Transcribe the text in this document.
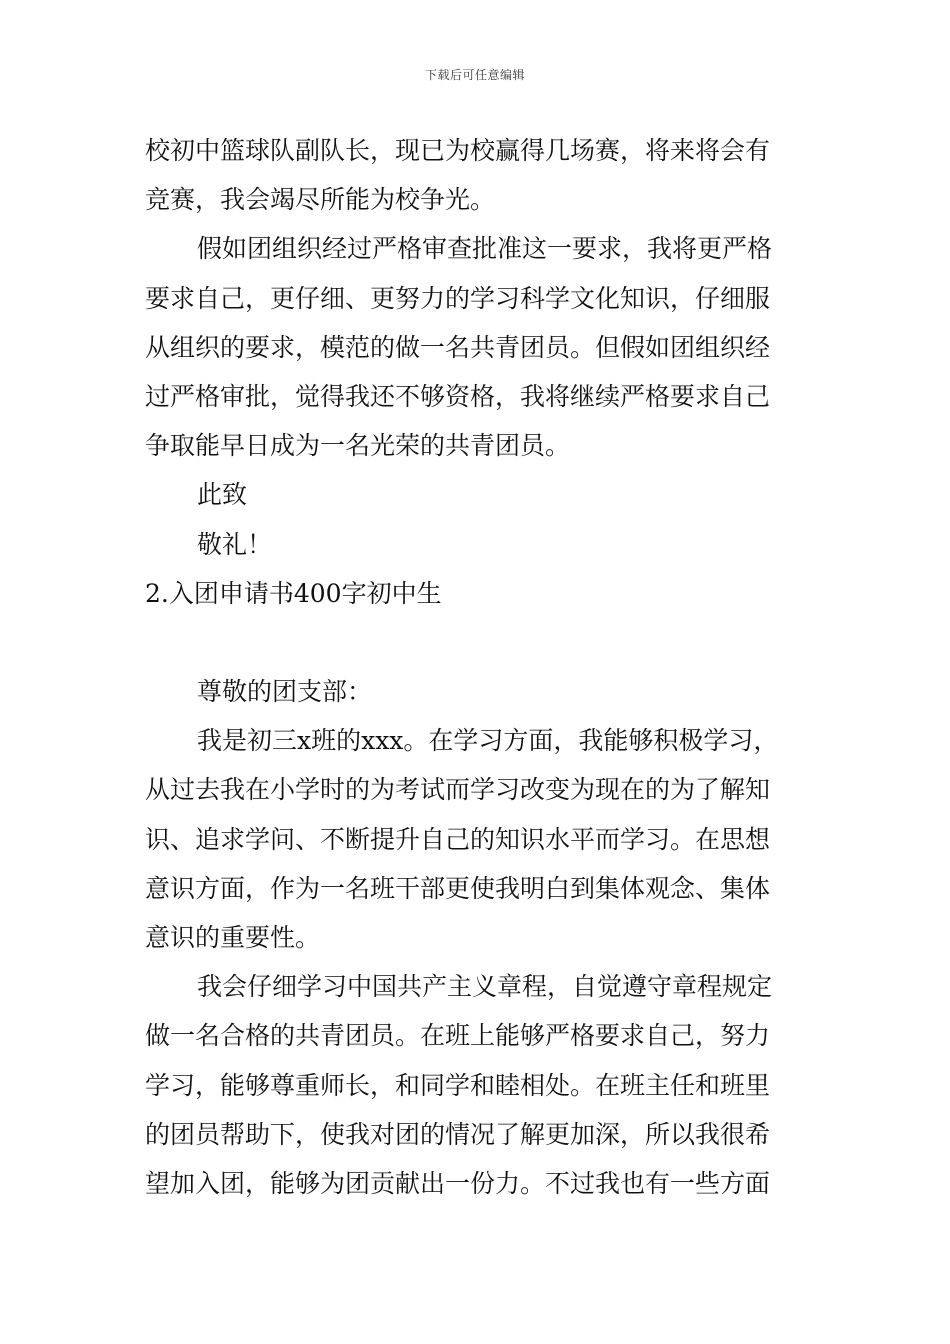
下载后可任意编辑
校初中篮球队副队长，现已为校赢得几场赛，将来将会有
竞赛，我会竭尽所能为校争光。
假如团组织经过严格审查批准这一要求，我将更严格
要求自己，更仔细、更努力的学习科学文化知识，仔细服
从组织的要求，模范的做一名共青团员。但假如团组织经
过严格审批，觉得我还不够资格，我将继续严格要求自己
争取能早日成为一名光荣的共青团员。
此致
敬礼！
2.入团申请书400字初中生
尊敬的团支部：
我是初三x班的xxx。在学习方面，我能够积极学习，
从过去我在小学时的为考试而学习改变为现在的为了解知
识、追求学问、不断提升自己的知识水平而学习。在思想
意识方面，作为一名班干部更使我明白到集体观念、集体
意识的重要性。
我会仔细学习中国共产主义章程，自觉遵守章程规定
做一名合格的共青团员。在班上能够严格要求自己，努力
学习，能够尊重师长，和同学和睦相处。在班主任和班里
的团员帮助下，使我对团的情况了解更加深，所以我很希
望加入团，能够为团贡献出一份力。不过我也有一些方面
